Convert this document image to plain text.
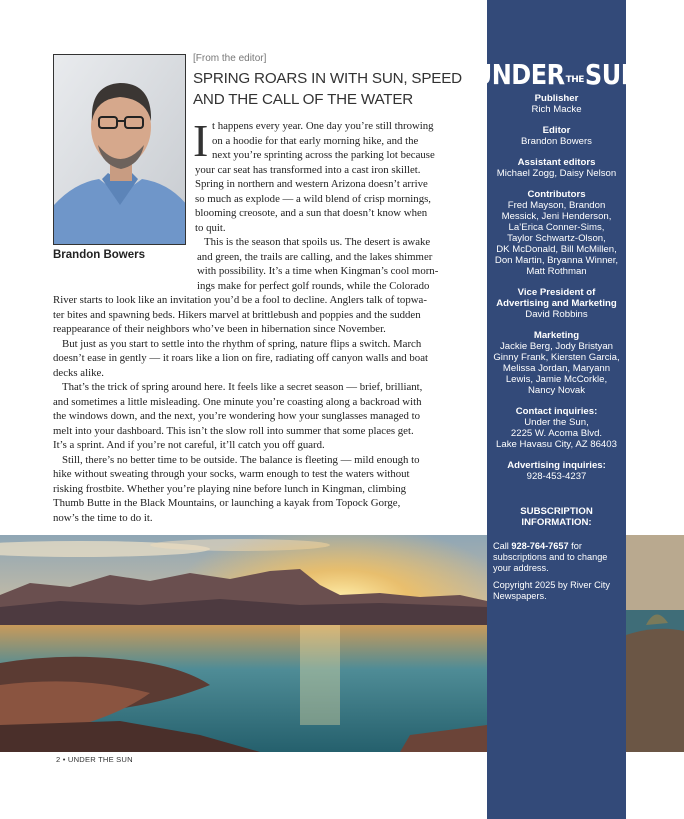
Brandon Bowers
[From the editor]
SPRING ROARS IN WITH SUN, SPEED
AND THE CALL OF THE WATER
I t happens every year. One day you’re still throwing
on a hoodie for that early morning hike, and the
next you’re sprinting across the parking lot because
your car seat has transformed into a cast iron skillet.
Spring in northern and western Arizona doesn’t arrive
so much as explode — a wild blend of crisp mornings,
blooming creosote, and a sun that doesn’t know when
to quit.
This is the season that spoils us. The desert is awake
and green, the trails are calling, and the lakes shimmer
with possibility. It’s a time when Kingman’s cool morn-
ings make for perfect golf rounds, while the Colorado
River starts to look like an invitation you’d be a fool to decline. Anglers talk of topwa-
ter bites and spawning beds. Hikers marvel at brittlebush and poppies and the sudden
reappearance of their neighbors who’ve been in hibernation since November.
But just as you start to settle into the rhythm of spring, nature flips a switch. March
doesn’t ease in gently — it roars like a lion on fire, radiating off canyon walls and boat
decks alike.
That’s the trick of spring around here. It feels like a secret season — brief, brilliant,
and sometimes a little misleading. One minute you’re coasting along a backroad with
the windows down, and the next, you’re wondering how your sunglasses managed to
melt into your dashboard. This isn’t the slow roll into summer that some places get.
It’s a sprint. And if you’re not careful, it’ll catch you off guard.
Still, there’s no better time to be outside. The balance is fleeting — mild enough to
hike without sweating through your socks, warm enough to test the waters without
risking frostbite. Whether you’re playing nine before lunch in Kingman, climbing
Thumb Butte in the Black Mountains, or launching a kayak from Topock Gorge,
now’s the time to do it.
2 • UNDER THE SUN
UNDER THE SUN
Publisher
Rich Macke
Editor
Brandon Bowers
Assistant editors
Michael Zogg, Daisy Nelson
Contributors
Fred Mayson, Brandon
Messick, Jeni Henderson,
La’Erica Conner-Sims,
Taylor Schwartz-Olson,
DK McDonald, Bill McMillen,
Don Martin, Bryanna Winner,
Matt Rothman
Vice President of
Advertising and Marketing
David Robbins
Marketing
Jackie Berg, Jody Bristyan
Ginny Frank, Kiersten Garcia,
Melissa Jordan, Maryann
Lewis, Jamie McCorkle,
Nancy Novak
Contact inquiries:
Under the Sun,
2225 W. Acoma Blvd.
Lake Havasu City, AZ 86403
Advertising inquiries:
928-453-4237
SUBSCRIPTION
INFORMATION:
Call 928-764-7657 for
subscriptions and to change
your address.
Copyright 2025 by River City
Newspapers.
